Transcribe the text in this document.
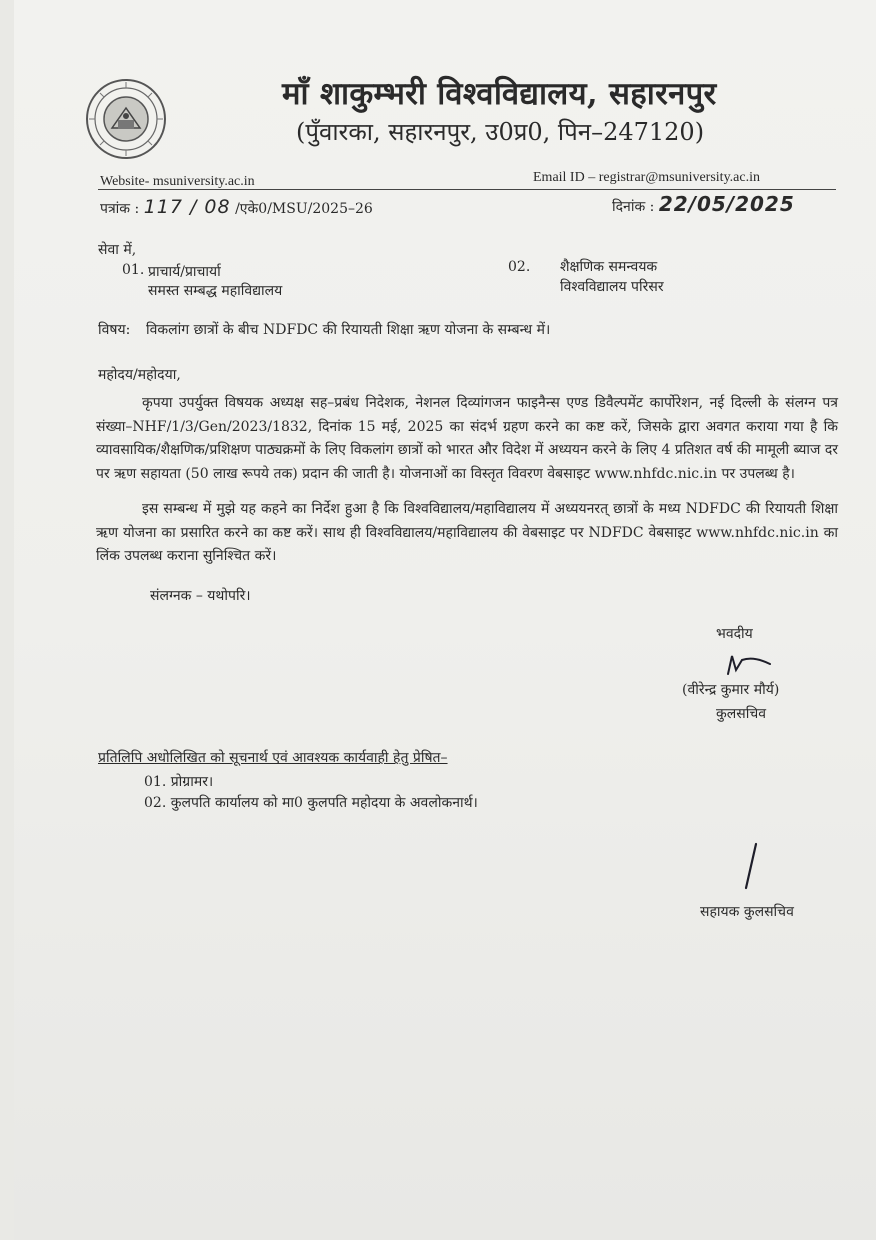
माँ शाकुम्भरी विश्वविद्यालय, सहारनपुर
(पुँवारका, सहारनपुर, उ0प्र0, पिन–247120)
Website- msuniversity.ac.in	Email ID – registrar@msuniversity.ac.in
पत्रांक : 117 / 08 /एके0/MSU/2025–26	दिनांक : 22/05/2025
सेवा में,
01. प्राचार्य/प्राचार्या
समस्त सम्बद्ध महाविद्यालय
02. शैक्षणिक समन्वयक
विश्वविद्यालय परिसर
विषय: विकलांग छात्रों के बीच NDFDC की रियायती शिक्षा ऋण योजना के सम्बन्ध में।
महोदय/महोदया,
कृपया उपर्युक्त विषयक अध्यक्ष सह–प्रबंध निदेशक, नेशनल दिव्यांगजन फाइनैन्स एण्ड डिवैल्पमेंट कार्पोरेशन, नई दिल्ली के संलग्न पत्र संख्या–NHF/1/3/Gen/2023/1832, दिनांक 15 मई, 2025 का संदर्भ ग्रहण करने का कष्ट करें, जिसके द्वारा अवगत कराया गया है कि व्यावसायिक/शैक्षणिक/प्रशिक्षण पाठ्यक्रमों के लिए विकलांग छात्रों को भारत और विदेश में अध्ययन करने के लिए 4 प्रतिशत वर्ष की मामूली ब्याज दर पर ऋण सहायता (50 लाख रूपये तक) प्रदान की जाती है। योजनाओं का विस्तृत विवरण वेबसाइट www.nhfdc.nic.in पर उपलब्ध है।
इस सम्बन्ध में मुझे यह कहने का निर्देश हुआ है कि विश्वविद्यालय/महाविद्यालय में अध्ययनरत् छात्रों के मध्य NDFDC की रियायती शिक्षा ऋण योजना का प्रसारित करने का कष्ट करें। साथ ही विश्वविद्यालय/महाविद्यालय की वेबसाइट पर NDFDC वेबसाइट www.nhfdc.nic.in का लिंक उपलब्ध कराना सुनिश्चित करें।
संलग्नक – यथोपरि।
भवदीय
(वीरेन्द्र कुमार मौर्य)
कुलसचिव
प्रतिलिपि अधोलिखित को सूचनार्थ एवं आवश्यक कार्यवाही हेतु प्रेषित–
01. प्रोग्रामर।
02. कुलपति कार्यालय को मा0 कुलपति महोदया के अवलोकनार्थ।
सहायक कुलसचिव
